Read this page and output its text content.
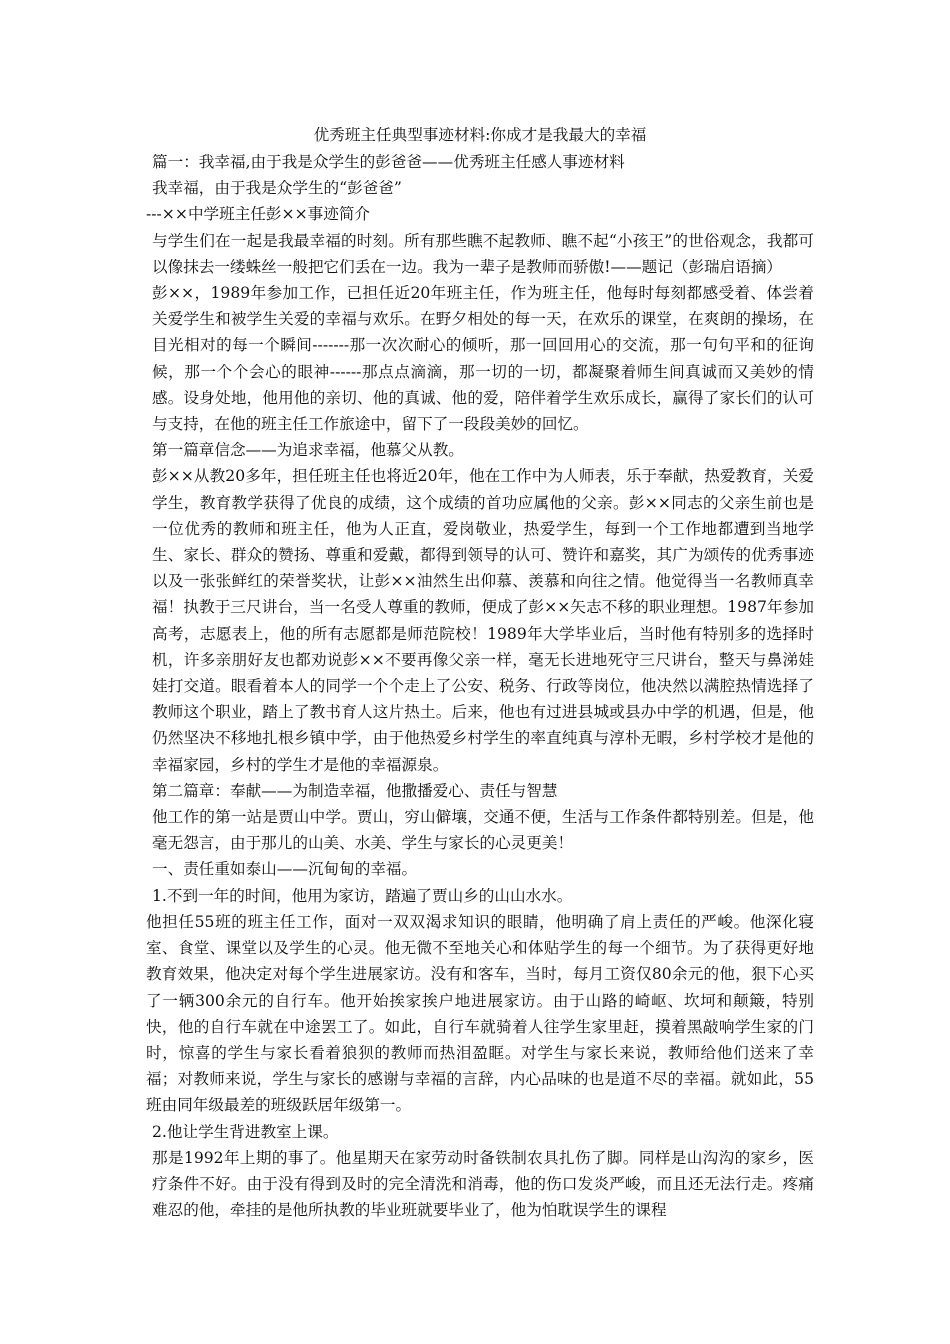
优秀班主任典型事迹材料:你成才是我最大的幸福
篇一：我幸福,由于我是众学生的彭爸爸——优秀班主任感人事迹材料
我幸福，由于我是众学生的“彭爸爸”
---××中学班主任彭××事迹简介
与学生们在一起是我最幸福的时刻。所有那些瞧不起教师、瞧不起“小孩王”的世俗观念，我都可以像抹去一缕蛛丝一般把它们丢在一边。我为一辈子是教师而骄傲!——题记（彭瑞启语摘）
彭××，1989年参加工作，已担任近20年班主任，作为班主任，他每时每刻都感受着、体尝着关爱学生和被学生关爱的幸福与欢乐。在野夕相处的每一天，在欢乐的课堂，在爽朗的操场，在目光相对的每一个瞬间-------那一次次耐心的倾听，那一回回用心的交流，那一句句平和的征询候，那一个个会心的眼神------那点点滴滴，那一切的一切，都凝聚着师生间真诚而又美妙的情感。设身处地，他用他的亲切、他的真诚、他的爱，陪伴着学生欢乐成长，赢得了家长们的认可与支持，在他的班主任工作旅途中，留下了一段段美妙的回忆。
第一篇章信念——为追求幸福，他慕父从教。
彭××从教20多年，担任班主任也将近20年，他在工作中为人师表，乐于奉献，热爱教育，关爱学生，教育教学获得了优良的成绩，这个成绩的首功应属他的父亲。彭××同志的父亲生前也是一位优秀的教师和班主任，他为人正直，爱岗敬业，热爱学生，每到一个工作地都遭到当地学生、家长、群众的赞扬、尊重和爱戴，都得到领导的认可、赞许和嘉奖，其广为颂传的优秀事迹以及一张张鲜红的荣誉奖状，让彭××油然生出仰慕、羡慕和向往之情。他觉得当一名教师真幸福！执教于三尺讲台，当一名受人尊重的教师，便成了彭××矢志不移的职业理想。1987年参加高考，志愿表上，他的所有志愿都是师范院校！1989年大学毕业后，当时他有特别多的选择时机，许多亲朋好友也都劝说彭××不要再像父亲一样，毫无长进地死守三尺讲台，整天与鼻涕娃娃打交道。眼看着本人的同学一个个走上了公安、税务、行政等岗位，他决然以满腔热情选择了教师这个职业，踏上了教书育人这片热土。后来，他也有过进县城或县办中学的机遇，但是，他仍然坚决不移地扎根乡镇中学，由于他热爱乡村学生的率直纯真与淳朴无暇，乡村学校才是他的幸福家园，乡村的学生才是他的幸福源泉。
第二篇章：奉献——为制造幸福，他撒播爱心、责任与智慧
他工作的第一站是贾山中学。贾山，穷山僻壤，交通不便，生活与工作条件都特别差。但是，他毫无怨言，由于那儿的山美、水美、学生与家长的心灵更美！
一、责任重如泰山——沉甸甸的幸福。
1.不到一年的时间，他用为家访，踏遍了贾山乡的山山水水。
他担任55班的班主任工作，面对一双双渴求知识的眼睛，他明确了肩上责任的严峻。他深化寝室、食堂、课堂以及学生的心灵。他无微不至地关心和体贴学生的每一个细节。为了获得更好地教育效果，他决定对每个学生进展家访。没有和客车，当时，每月工资仅80余元的他，狠下心买了一辆300余元的自行车。他开始挨家挨户地进展家访。由于山路的崎岖、坎坷和颠簸，特别快，他的自行车就在中途罢工了。如此，自行车就骑着人往学生家里赶，摸着黑敲响学生家的门时，惊喜的学生与家长看着狼狈的教师而热泪盈眶。对学生与家长来说，教师给他们送来了幸福；对教师来说，学生与家长的感谢与幸福的言辞，内心品味的也是道不尽的幸福。就如此，55班由同年级最差的班级跃居年级第一。
2.他让学生背进教室上课。
那是1992年上期的事了。他星期天在家劳动时备铁制农具扎伤了脚。同样是山沟沟的家乡，医疗条件不好。由于没有得到及时的完全清洗和消毒，他的伤口发炎严峻，而且还无法行走。疼痛难忍的他，牵挂的是他所执教的毕业班就要毕业了，他为怕耽误学生的课程
